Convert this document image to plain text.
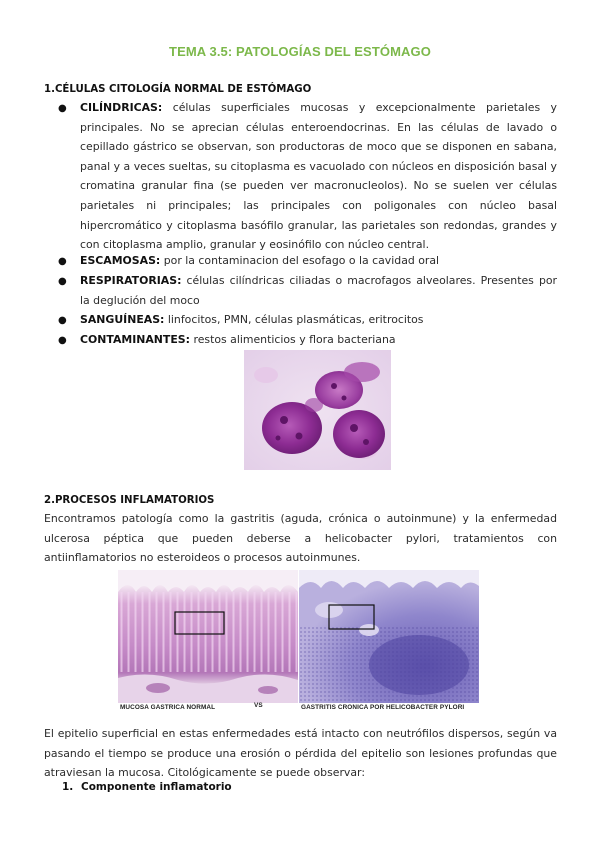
TEMA 3.5: PATOLOGÍAS DEL ESTÓMAGO
1.CÉLULAS CITOLOGÍA NORMAL DE ESTÓMAGO
● CILÍNDRICAS: células superficiales mucosas y excepcionalmente parietales y principales. No se aprecian células enteroendocrinas. En las células de lavado o cepillado gástrico se observan, son productoras de moco que se disponen en sabana, panal y a veces sueltas, su citoplasma es vacuolado con núcleos en disposición basal y cromatina granular fina (se pueden ver macronucleolos). No se suelen ver células parietales ni principales; las principales con poligonales con núcleo basal hipercromático y citoplasma basófilo granular, las parietales son redondas, grandes y con citoplasma amplio, granular y eosinófilo con núcleo central.
● ESCAMOSAS: por la contaminacion del esofago o la cavidad oral
● RESPIRATORIAS: células cilíndricas ciliadas o macrofagos alveolares. Presentes por la deglución del moco
● SANGUÍNEAS: linfocitos, PMN, células plasmáticas, eritrocitos
● CONTAMINANTES: restos alimenticios y flora bacteriana
2.PROCESOS INFLAMATORIOS
Encontramos patología como la gastritis (aguda, crónica o autoinmune) y la enfermedad ulcerosa péptica que pueden deberse a helicobacter pylori, tratamientos con antiinflamatorios no esteroideos o procesos autoinmunes.
MUCOSA GASTRICA NORMAL	VS	GASTRITIS CRONICA POR HELICOBACTER PYLORI
El epitelio superficial en estas enfermedades está intacto con neutrófilos dispersos, según va pasando el tiempo se produce una erosión o pérdida del epitelio son lesiones profundas que atraviesan la mucosa. Citológicamente se puede observar:
1. Componente inflamatorio
